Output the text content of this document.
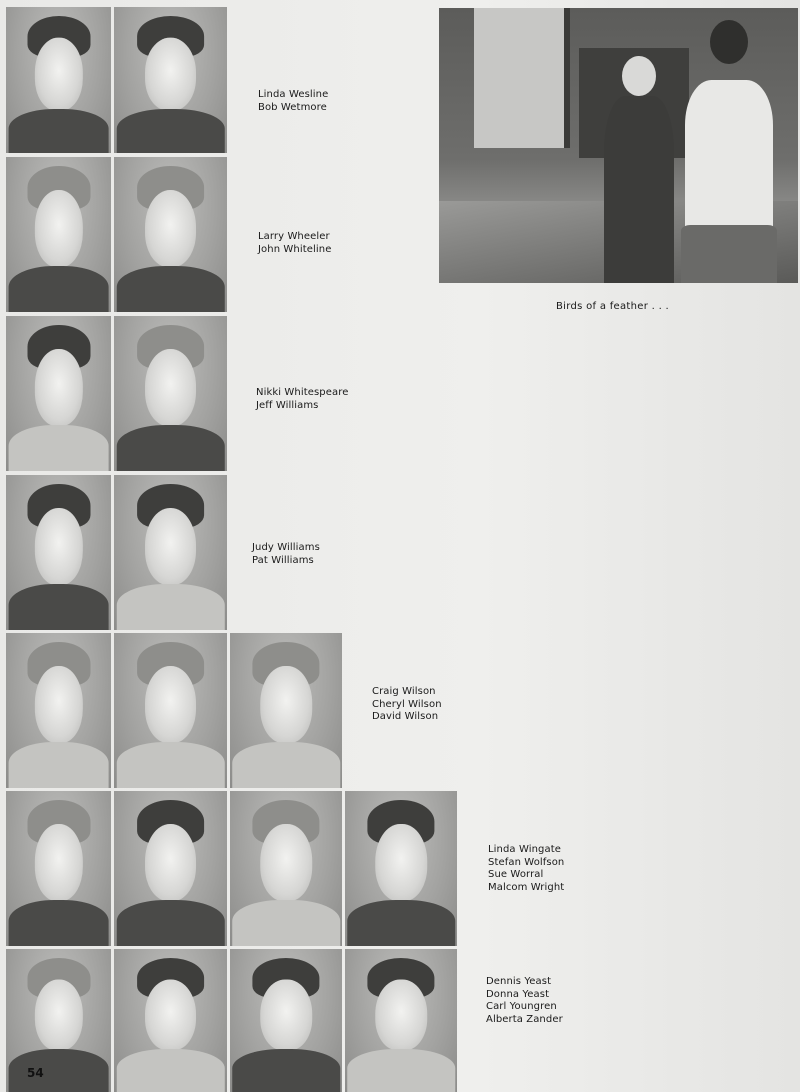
Linda Wesline
Bob Wetmore
Larry Wheeler
John Whiteline
Nikki Whitespeare
Jeff Williams
Judy Williams
Pat Williams
Craig Wilson
Cheryl Wilson
David Wilson
Linda Wingate
Stefan Wolfson
Sue Worral
Malcom Wright
Dennis Yeast
Donna Yeast
Carl Youngren
Alberta Zander
Birds of a feather . . .
54
